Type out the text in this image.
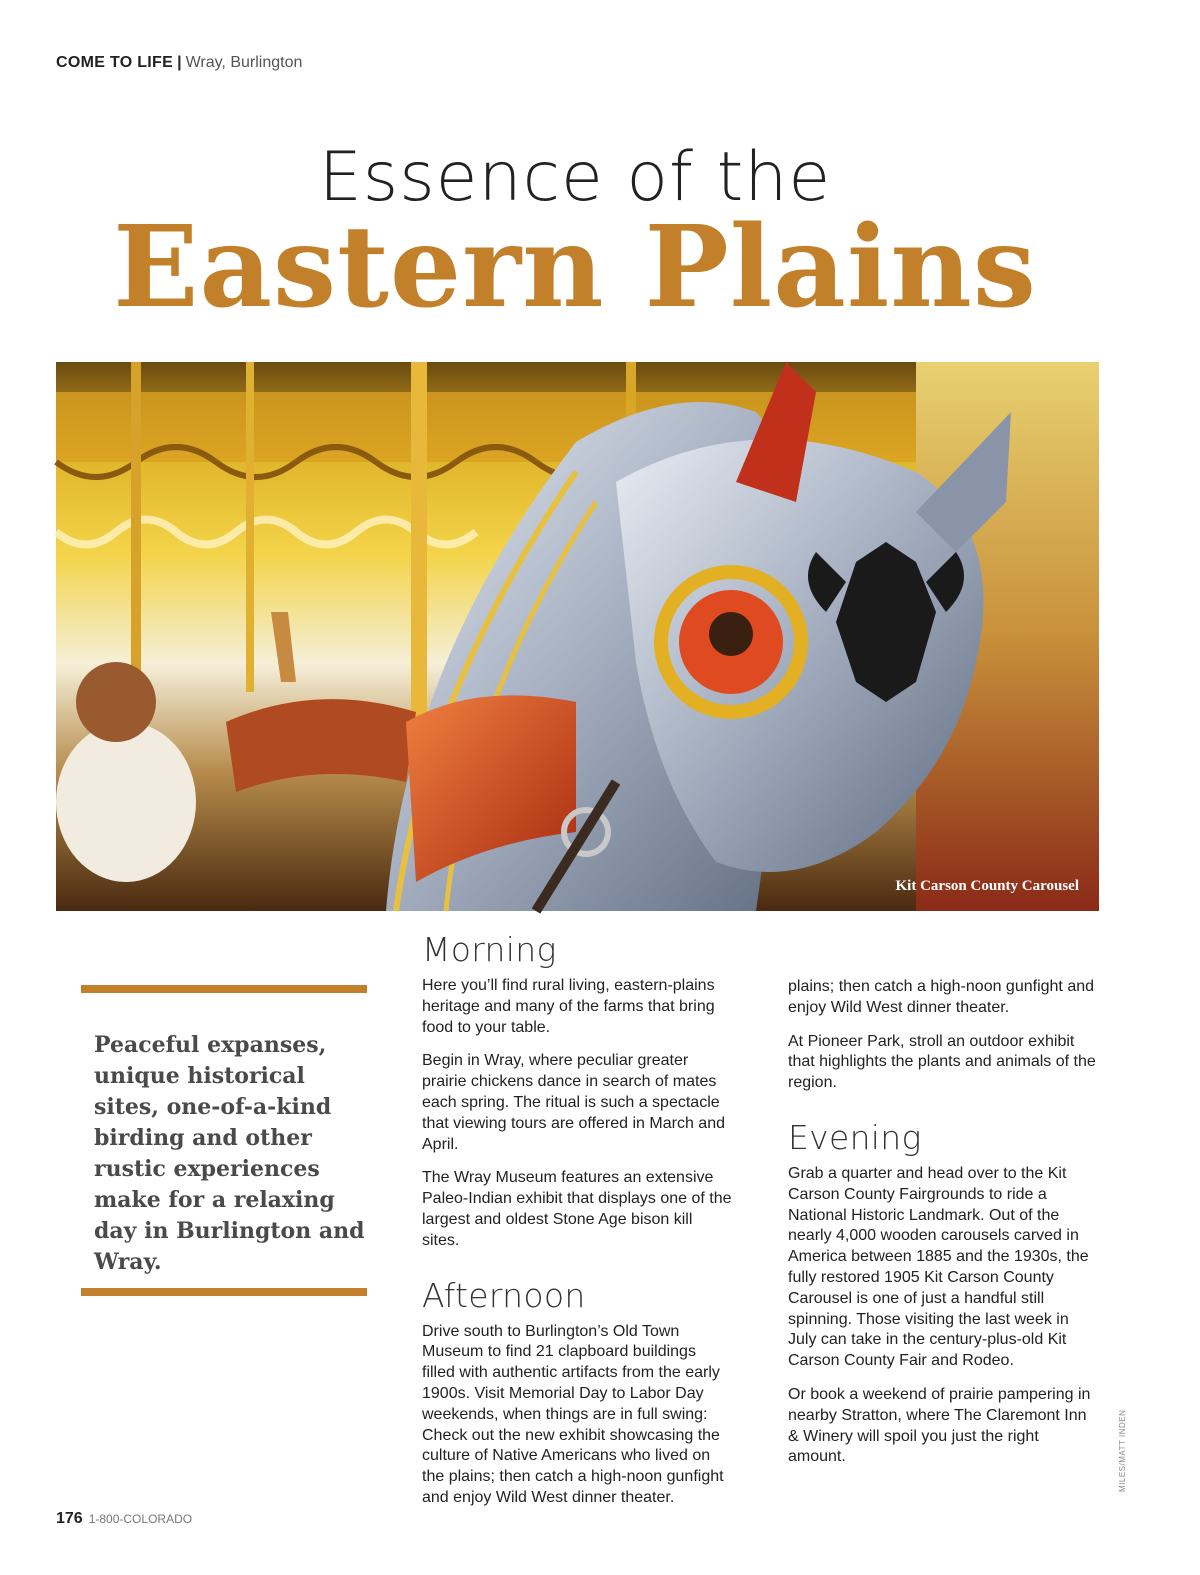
COME TO LIFE | Wray, Burlington
Essence of the
Eastern Plains
Kit Carson County Carousel
Peaceful expanses, unique historical sites, one-of-a-kind birding and other rustic experiences make for a relaxing day in Burlington and Wray.
Morning

Here you’ll find rural living, eastern-plains heritage and many of the farms that bring food to your table.

Begin in Wray, where peculiar greater prairie chickens dance in search of mates each spring. The ritual is such a spectacle that viewing tours are offered in March and April.

The Wray Museum features an extensive Paleo-Indian exhibit that displays one of the largest and oldest Stone Age bison kill sites.

Afternoon

Drive south to Burlington’s Old Town Museum to find 21 clapboard buildings filled with authentic artifacts from the early 1900s. Visit Memorial Day to Labor Day weekends, when things are in full swing: Check out the new exhibit showcasing the culture of Native Americans who lived on the plains; then catch a high-noon gunfight and enjoy Wild West dinner theater.

plains; then catch a high-noon gunfight and enjoy Wild West dinner theater.

At Pioneer Park, stroll an outdoor exhibit that highlights the plants and animals of the region.

Evening

Grab a quarter and head over to the Kit Carson County Fairgrounds to ride a National Historic Landmark. Out of the nearly 4,000 wooden carousels carved in America between 1885 and the 1930s, the fully restored 1905 Kit Carson County Carousel is one of just a handful still spinning. Those visiting the last week in July can take in the century-plus-old Kit Carson County Fair and Rodeo.

Or book a weekend of prairie pampering in nearby Stratton, where The Claremont Inn & Winery will spoil you just the right amount.	MILES/MATT INDEN
176 1-800-COLORADO
